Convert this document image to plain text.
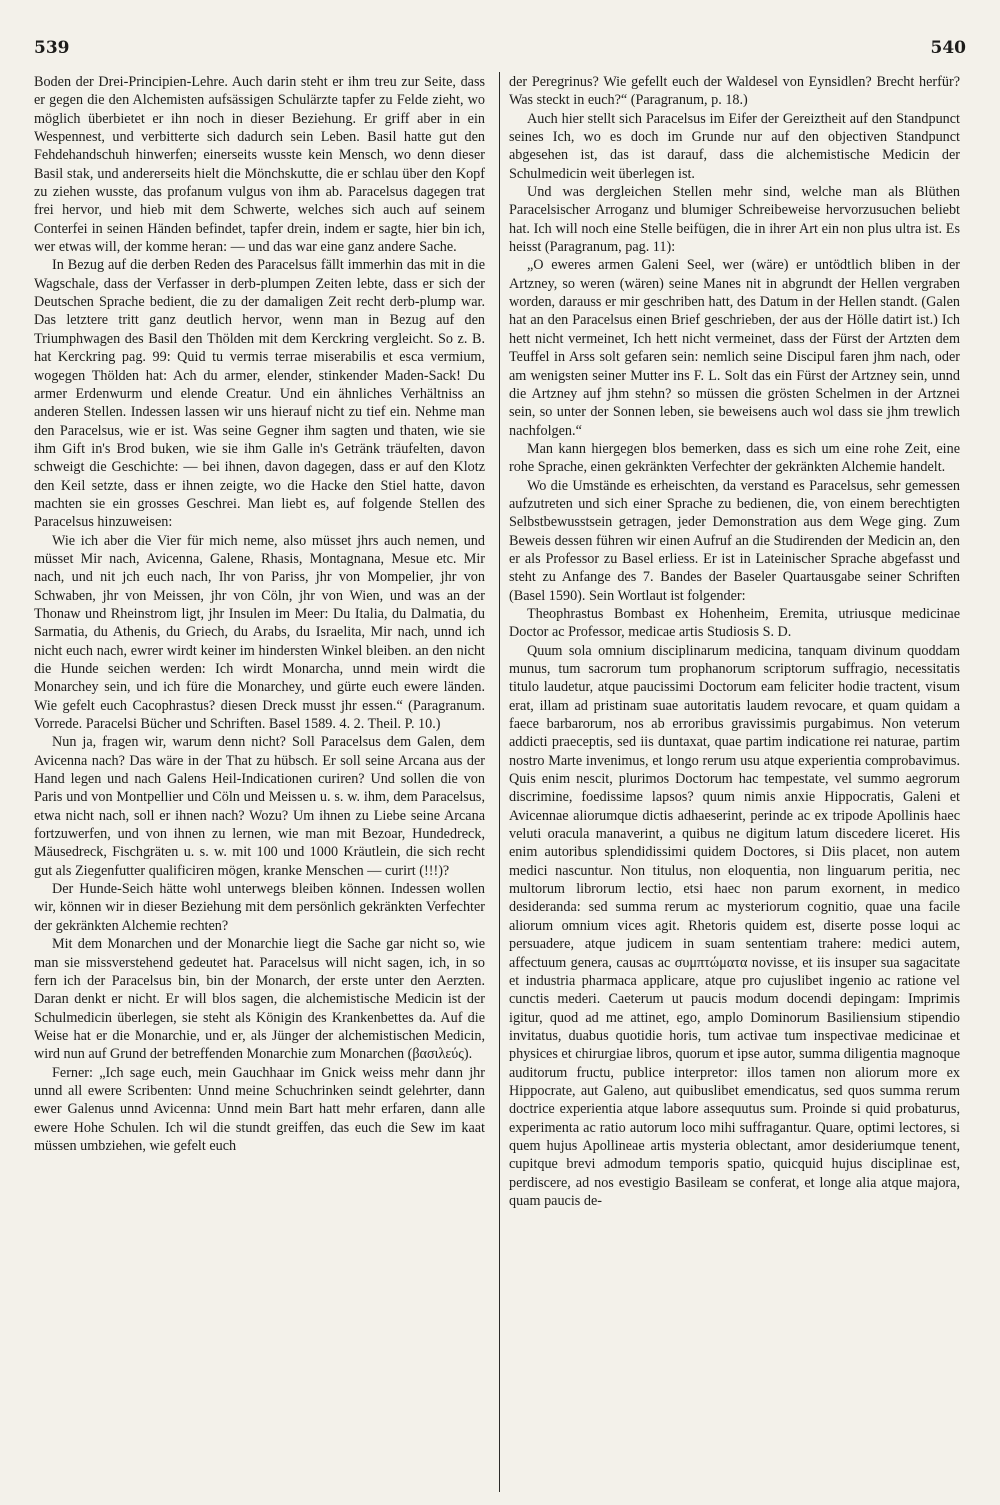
539	540

Boden der Drei-Principien-Lehre. Auch darin steht er ihm treu zur Seite, dass er gegen die den Alchemisten aufsässigen Schulärzte tapfer zu Felde zieht, wo möglich überbietet er ihn noch in dieser Beziehung. Er griff aber in ein Wespennest, und verbitterte sich dadurch sein Leben. Basil hatte gut den Fehdehandschuh hinwerfen; einerseits wusste kein Mensch, wo denn dieser Basil stak, und andererseits hielt die Mönchskutte, die er schlau über den Kopf zu ziehen wusste, das profanum vulgus von ihm ab. Paracelsus dagegen trat frei hervor, und hieb mit dem Schwerte, welches sich auch auf seinem Conterfei in seinen Händen befindet, tapfer drein, indem er sagte, hier bin ich, wer etwas will, der komme heran: — und das war eine ganz andere Sache.

In Bezug auf die derben Reden des Paracelsus fällt immerhin das mit in die Wagschale, dass der Verfasser in derb-plumpen Zeiten lebte, dass er sich der Deutschen Sprache bedient, die zu der damaligen Zeit recht derb-plump war. Das letztere tritt ganz deutlich hervor, wenn man in Bezug auf den Triumphwagen des Basil den Thölden mit dem Kerckring vergleicht. So z. B. hat Kerckring pag. 99: Quid tu vermis terrae miserabilis et esca vermium, wogegen Thölden hat: Ach du armer, elender, stinkender Maden-Sack! Du armer Erdenwurm und elende Creatur. Und ein ähnliches Verhältniss an anderen Stellen. Indessen lassen wir uns hierauf nicht zu tief ein. Nehme man den Paracelsus, wie er ist. Was seine Gegner ihm sagten und thaten, wie sie ihm Gift in's Brod buken, wie sie ihm Galle in's Getränk träufelten, davon schweigt die Geschichte: — bei ihnen, davon dagegen, dass er auf den Klotz den Keil setzte, dass er ihnen zeigte, wo die Hacke den Stiel hatte, davon machten sie ein grosses Geschrei. Man liebt es, auf folgende Stellen des Paracelsus hinzuweisen:

Wie ich aber die Vier für mich neme, also müsset jhrs auch nemen, und müsset Mir nach, Avicenna, Galene, Rhasis, Montagnana, Mesue etc. Mir nach, und nit jch euch nach, Ihr von Pariss, jhr von Mompelier, jhr von Schwaben, jhr von Meissen, jhr von Cöln, jhr von Wien, und was an der Thonaw und Rheinstrom ligt, jhr Insulen im Meer: Du Italia, du Dalmatia, du Sarmatia, du Athenis, du Griech, du Arabs, du Israelita, Mir nach, unnd ich nicht euch nach, ewrer wirdt keiner im hindersten Winkel bleiben. an den nicht die Hunde seichen werden: Ich wirdt Monarcha, unnd mein wirdt die Monarchey sein, und ich füre die Monarchey, und gürte euch ewere länden. Wie gefelt euch Cacophrastus? diesen Dreck musst jhr essen.“ (Paragranum. Vorrede. Paracelsi Bücher und Schriften. Basel 1589. 4. 2. Theil. P. 10.)

Nun ja, fragen wir, warum denn nicht? Soll Paracelsus dem Galen, dem Avicenna nach? Das wäre in der That zu hübsch. Er soll seine Arcana aus der Hand legen und nach Galens Heil-Indicationen curiren? Und sollen die von Paris und von Montpellier und Cöln und Meissen u. s. w. ihm, dem Paracelsus, etwa nicht nach, soll er ihnen nach? Wozu? Um ihnen zu Liebe seine Arcana fortzuwerfen, und von ihnen zu lernen, wie man mit Bezoar, Hundedreck, Mäusedreck, Fischgräten u. s. w. mit 100 und 1000 Kräutlein, die sich recht gut als Ziegenfutter qualificiren mögen, kranke Menschen — curirt (!!!)?

Der Hunde-Seich hätte wohl unterwegs bleiben können. Indessen wollen wir, können wir in dieser Beziehung mit dem persönlich gekränkten Verfechter der gekränkten Alchemie rechten?

Mit dem Monarchen und der Monarchie liegt die Sache gar nicht so, wie man sie missverstehend gedeutet hat. Paracelsus will nicht sagen, ich, in so fern ich der Paracelsus bin, bin der Monarch, der erste unter den Aerzten. Daran denkt er nicht. Er will blos sagen, die alchemistische Medicin ist der Schulmedicin überlegen, sie steht als Königin des Krankenbettes da. Auf die Weise hat er die Monarchie, und er, als Jünger der alchemistischen Medicin, wird nun auf Grund der betreffenden Monarchie zum Monarchen (βασιλεύς).

Ferner: „Ich sage euch, mein Gauchhaar im Gnick weiss mehr dann jhr unnd all ewere Scribenten: Unnd meine Schuchrinken seindt gelehrter, dann ewer Galenus unnd Avicenna: Unnd mein Bart hatt mehr erfaren, dann alle ewere Hohe Schulen. Ich wil die stundt greiffen, das euch die Sew im kaat müssen umbziehen, wie gefelt euch

der Peregrinus? Wie gefellt euch der Waldesel von Eynsidlen? Brecht herfür? Was steckt in euch?“ (Paragranum, p. 18.)

Auch hier stellt sich Paracelsus im Eifer der Gereiztheit auf den Standpunct seines Ich, wo es doch im Grunde nur auf den objectiven Standpunct abgesehen ist, das ist darauf, dass die alchemistische Medicin der Schulmedicin weit überlegen ist.

Und was dergleichen Stellen mehr sind, welche man als Blüthen Paracelsischer Arroganz und blumiger Schreibeweise hervorzusuchen beliebt hat. Ich will noch eine Stelle beifügen, die in ihrer Art ein non plus ultra ist. Es heisst (Paragranum, pag. 11):

„O eweres armen Galeni Seel, wer (wäre) er untödtlich bliben in der Artzney, so weren (wären) seine Manes nit in abgrundt der Hellen vergraben worden, darauss er mir geschriben hatt, des Datum in der Hellen standt. (Galen hat an den Paracelsus einen Brief geschrieben, der aus der Hölle datirt ist.) Ich hett nicht vermeinet, Ich hett nicht vermeinet, dass der Fürst der Artzten dem Teuffel in Arss solt gefaren sein: nemlich seine Discipul faren jhm nach, oder am wenigsten seiner Mutter ins F. L. Solt das ein Fürst der Artzney sein, unnd die Artzney auf jhm stehn? so müssen die grösten Schelmen in der Artznei sein, so unter der Sonnen leben, sie beweisens auch wol dass sie jhm trewlich nachfolgen.“

Man kann hiergegen blos bemerken, dass es sich um eine rohe Zeit, eine rohe Sprache, einen gekränkten Verfechter der gekränkten Alchemie handelt.

Wo die Umstände es erheischten, da verstand es Paracelsus, sehr gemessen aufzutreten und sich einer Sprache zu bedienen, die, von einem berechtigten Selbstbewusstsein getragen, jeder Demonstration aus dem Wege ging. Zum Beweis dessen führen wir einen Aufruf an die Studirenden der Medicin an, den er als Professor zu Basel erliess. Er ist in Lateinischer Sprache abgefasst und steht zu Anfange des 7. Bandes der Baseler Quartausgabe seiner Schriften (Basel 1590). Sein Wortlaut ist folgender:

Theophrastus Bombast ex Hohenheim, Eremita, utriusque medicinae Doctor ac Professor, medicae artis Studiosis S. D.

Quum sola omnium disciplinarum medicina, tanquam divinum quoddam munus, tum sacrorum tum prophanorum scriptorum suffragio, necessitatis titulo laudetur, atque paucissimi Doctorum eam feliciter hodie tractent, visum erat, illam ad pristinam suae autoritatis laudem revocare, et quam quidam a faece barbarorum, nos ab erroribus gravissimis purgabimus. Non veterum addicti praeceptis, sed iis duntaxat, quae partim indicatione rei naturae, partim nostro Marte invenimus, et longo rerum usu atque experientia comprobavimus. Quis enim nescit, plurimos Doctorum hac tempestate, vel summo aegrorum discrimine, foedissime lapsos? quum nimis anxie Hippocratis, Galeni et Avicennae aliorumque dictis adhaeserint, perinde ac ex tripode Apollinis haec veluti oracula manaverint, a quibus ne digitum latum discedere liceret. His enim autoribus splendidissimi quidem Doctores, si Diis placet, non autem medici nascuntur. Non titulus, non eloquentia, non linguarum peritia, nec multorum librorum lectio, etsi haec non parum exornent, in medico desideranda: sed summa rerum ac mysteriorum cognitio, quae una facile aliorum omnium vices agit. Rhetoris quidem est, diserte posse loqui ac persuadere, atque judicem in suam sententiam trahere: medici autem, affectuum genera, causas ac συμπτώματα novisse, et iis insuper sua sagacitate et industria pharmaca applicare, atque pro cujuslibet ingenio ac ratione vel cunctis mederi. Caeterum ut paucis modum docendi depingam: Imprimis igitur, quod ad me attinet, ego, amplo Dominorum Basiliensium stipendio invitatus, duabus quotidie horis, tum activae tum inspectivae medicinae et physices et chirurgiae libros, quorum et ipse autor, summa diligentia magnoque auditorum fructu, publice interpretor: illos tamen non aliorum more ex Hippocrate, aut Galeno, aut quibuslibet emendicatus, sed quos summa rerum doctrice experientia atque labore assequutus sum. Proinde si quid probaturus, experimenta ac ratio autorum loco mihi suffragantur. Quare, optimi lectores, si quem hujus Apollineae artis mysteria oblectant, amor desideriumque tenent, cupitque brevi admodum temporis spatio, quicquid hujus disciplinae est, perdiscere, ad nos evestigio Basileam se conferat, et longe alia atque majora, quam paucis de-
